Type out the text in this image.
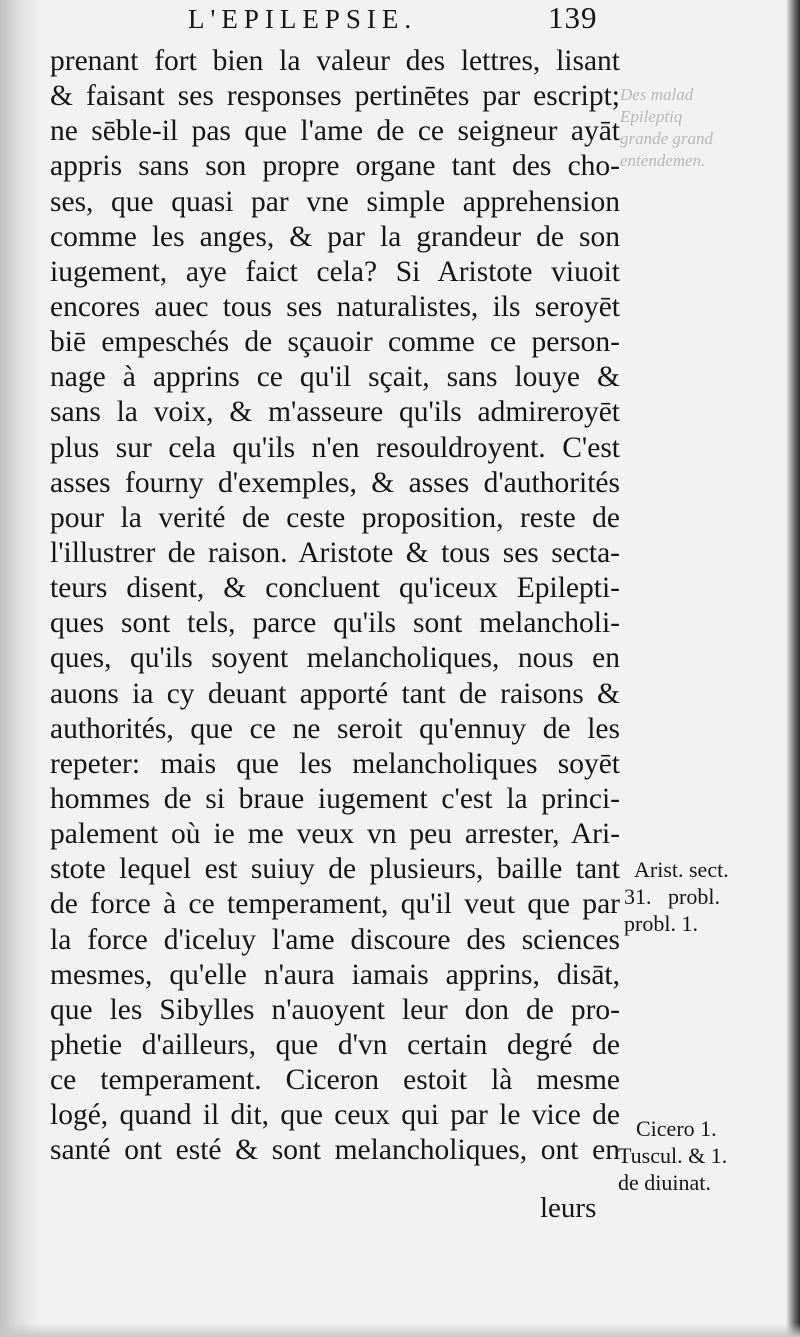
L'EPILEPSIE.	139
Des malad
Epileptiq
grande grand
entendemen.
prenant fort bien la valeur des lettres, lisant
& faisant ses responses pertinētes par escript;
ne sēble-il pas que l'ame de ce seigneur ayāt
appris sans son propre organe tant des cho-
ses, que quasi par vne simple apprehension
comme les anges, & par la grandeur de son
iugement, aye faict cela? Si Aristote viuoit
encores auec tous ses naturalistes, ils seroyēt
biē empeschés de sçauoir comme ce person-
nage à apprins ce qu'il sçait, sans louye &
sans la voix, & m'asseure qu'ils admireroyēt
plus sur cela qu'ils n'en resouldroyent. C'est
asses fourny d'exemples, & asses d'authorités
pour la verité de ceste proposition, reste de
l'illustrer de raison. Aristote & tous ses secta-
teurs disent, & concluent qu'iceux Epilepti-
ques sont tels, parce qu'ils sont melancholi-
ques, qu'ils soyent melancholiques, nous en
auons ia cy deuant apporté tant de raisons &
authorités, que ce ne seroit qu'ennuy de les
repeter: mais que les melancholiques soyēt
hommes de si braue iugement c'est la princi-
palement où ie me veux vn peu arrester, Ari-
stote lequel est suiuy de plusieurs, baille tant
de force à ce temperament, qu'il veut que par
la force d'iceluy l'ame discoure des sciences
mesmes, qu'elle n'aura iamais apprins, disāt,
que les Sibylles n'auoyent leur don de pro-
phetie d'ailleurs, que d'vn certain degré de
ce temperament. Ciceron estoit là mesme
logé, quand il dit, que ceux qui par le vice de
santé ont esté & sont melancholiques, ont en
leurs
Arist. sect.
31.   probl.
probl. 1.
Cicero 1.
Tuscul. & 1.
de diuinat.
